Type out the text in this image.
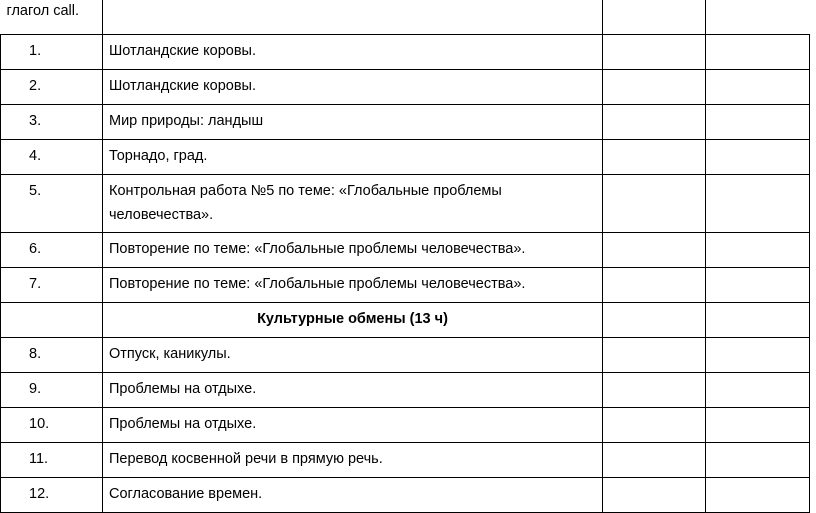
глагол call.			
1.	Шотландские коровы.		
2.	Шотландские коровы.		
3.	Мир природы: ландыш		
4.	Торнадо, град.		
5.	Контрольная работа №5 по теме: «Глобальные проблемы человечества».		
6.	Повторение по теме: «Глобальные проблемы человечества».		
7.	Повторение по теме: «Глобальные проблемы человечества».		
	Культурные обмены (13 ч)		
8.	Отпуск, каникулы.		
9.	Проблемы на отдыхе.		
10.	Проблемы на отдыхе.		
11.	Перевод косвенной речи в прямую речь.		
12.	Согласование времен.		
